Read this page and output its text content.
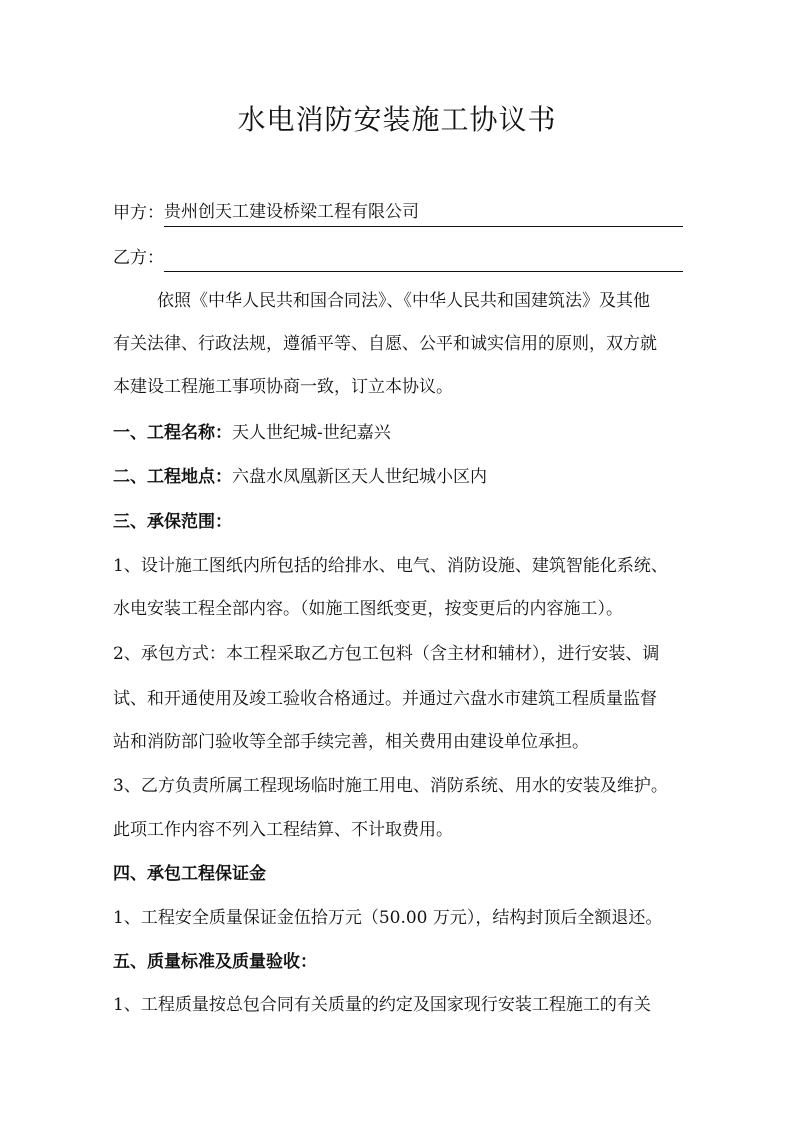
水电消防安装施工协议书
甲方： 贵州创天工建设桥梁工程有限公司
乙方：
依照《中华人民共和国合同法》、《中华人民共和国建筑法》及其他
有关法律、行政法规，遵循平等、自愿、公平和诚实信用的原则，双方就
本建设工程施工事项协商一致，订立本协议。
一、工程名称：天人世纪城-世纪嘉兴
二、工程地点：六盘水凤凰新区天人世纪城小区内
三、承保范围：
1、设计施工图纸内所包括的给排水、电气、消防设施、建筑智能化系统、
水电安装工程全部内容。（如施工图纸变更，按变更后的内容施工）。
2、承包方式：本工程采取乙方包工包料（含主材和辅材），进行安装、调
试、和开通使用及竣工验收合格通过。并通过六盘水市建筑工程质量监督
站和消防部门验收等全部手续完善，相关费用由建设单位承担。
3、乙方负责所属工程现场临时施工用电、消防系统、用水的安装及维护。
此项工作内容不列入工程结算、不计取费用。
四、承包工程保证金
1、工程安全质量保证金伍拾万元（50.00 万元），结构封顶后全额退还。
五、质量标准及质量验收：
1、工程质量按总包合同有关质量的约定及国家现行安装工程施工的有关
